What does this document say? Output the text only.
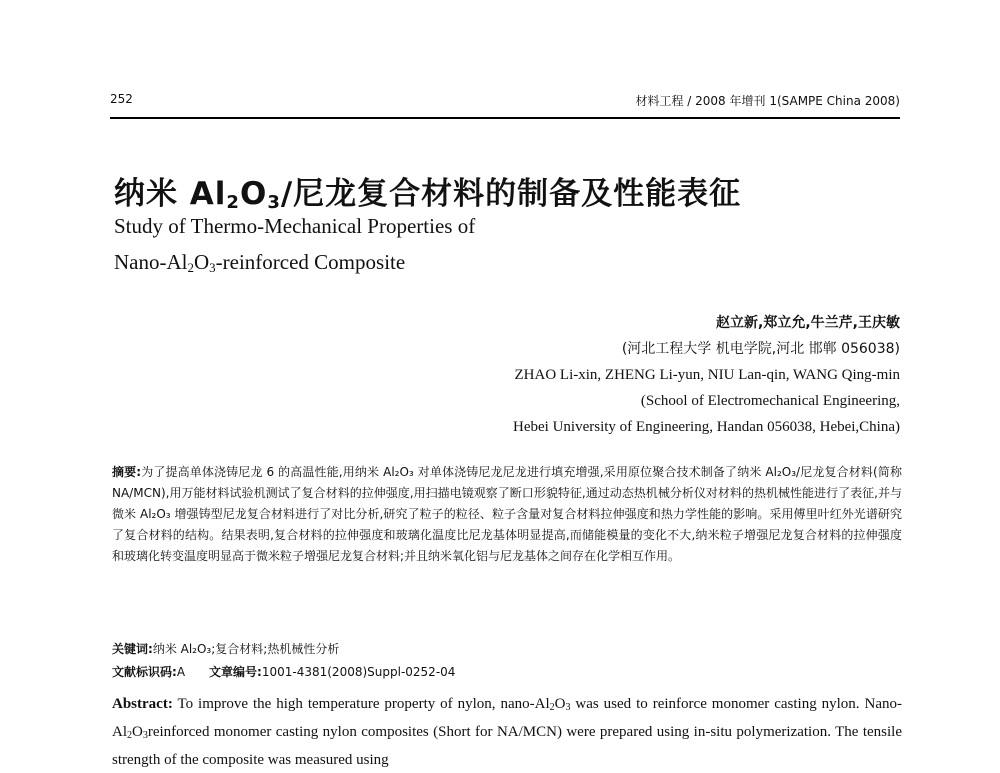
252	材料工程 / 2008 年增刊 1(SAMPE China 2008)
纳米 $Al_2O_3/$尼龙复合材料的制备及性能表征
Study of Thermo-Mechanical Properties of
Nano-$Al_2O_3$-reinforced Composite
赵立新,郑立允,牛兰芹,王庆敏
(河北工程大学 机电学院,河北 邯郸 056038)
ZHAO Li-xin, ZHENG Li-yun, NIU Lan-qin, WANG Qing-min
(School of Electromechanical Engineering,
Hebei University of Engineering, Handan 056038, Hebei,China)
摘要:为了提高单体浇铸尼龙 6 的高温性能,用纳米 Al₂O₃ 对单体浇铸尼龙尼龙进行填充增强,采用原位聚合技术制备了纳米 Al₂O₃/尼龙复合材料(简称 NA/MCN),用万能材料试验机测试了复合材料的拉伸强度,用扫描电镜观察了断口形貌特征,通过动态热机械分析仪对材料的热机械性能进行了表征,并与微米 Al₂O₃ 增强铸型尼龙复合材料进行了对比分析,研究了粒子的粒径、粒子含量对复合材料拉伸强度和热力学性能的影响。采用傅里叶红外光谱研究了复合材料的结构。结果表明,复合材料的拉伸强度和玻璃化温度比尼龙基体明显提高,而储能模量的变化不大,纳米粒子增强尼龙复合材料的拉伸强度和玻璃化转变温度明显高于微米粒子增强尼龙复合材料;并且纳米氧化铝与尼龙基体之间存在化学相互作用。
关键词:纳米 Al₂O₃;复合材料;热机械性分析
文献标识码:A 文章编号:1001-4381(2008)Suppl-0252-04
Abstract: To improve the high temperature property of nylon, nano-$Al_2O_3$ was used to reinforce monomer casting nylon. Nano-$Al_2O_3reinforced$ monomer casting nylon composites (Short for NA/MCN) were prepared using in-situ polymerization. The tensile strength of the composite was measured using
